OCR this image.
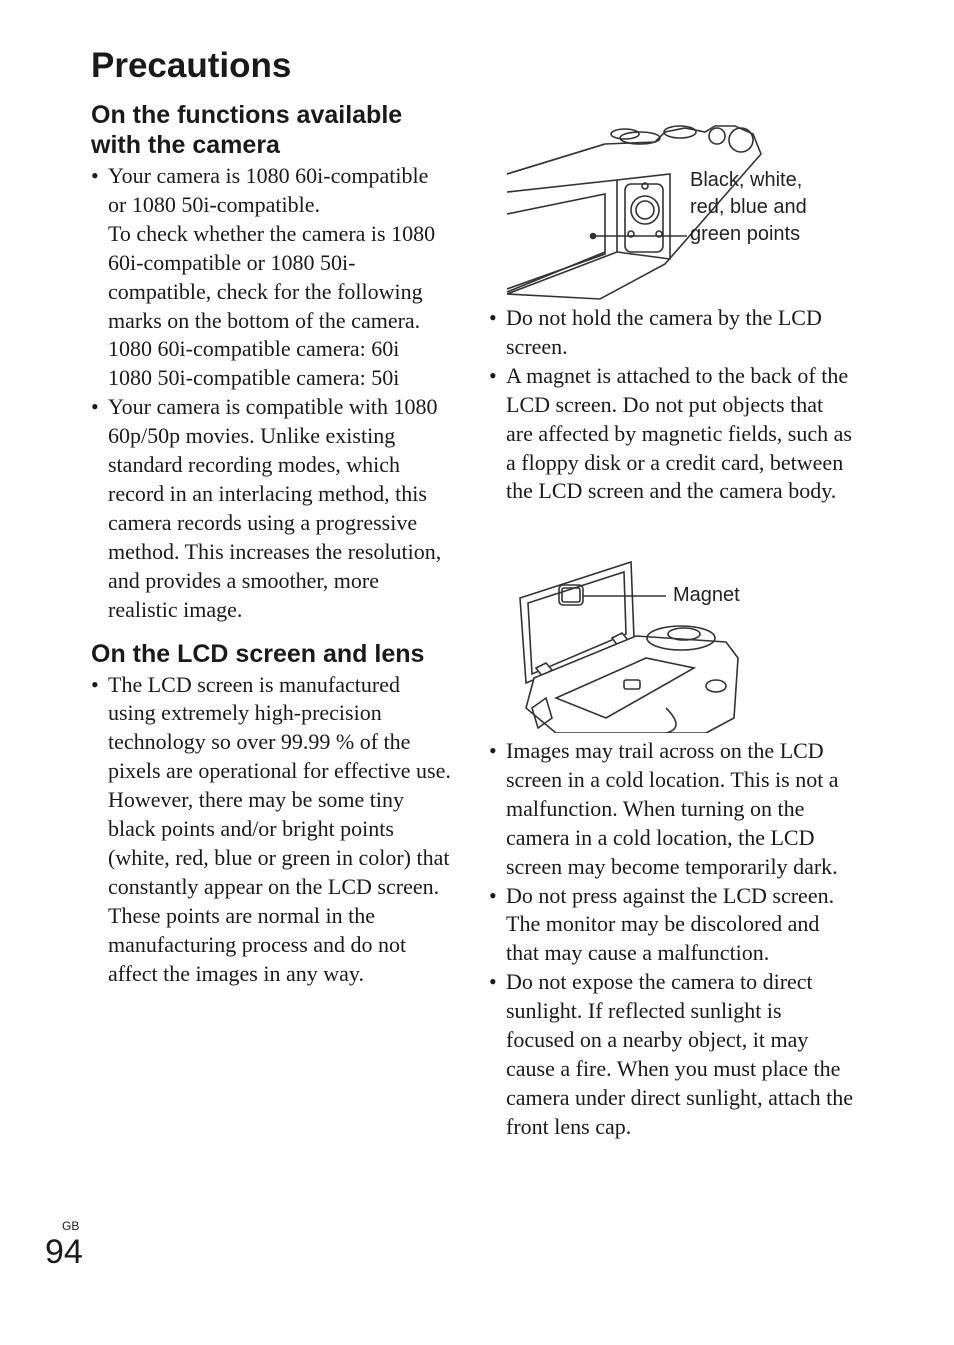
Precautions
On the functions available with the camera

• Your camera is 1080 60i-compatible or 1080 50i-compatible.

To check whether the camera is 1080 60i-compatible or 1080 50i-compatible, check for the following marks on the bottom of the camera.

1080 60i-compatible camera: 60i

1080 50i-compatible camera: 50i

• Your camera is compatible with 1080 60p/50p movies. Unlike existing standard recording modes, which record in an interlacing method, this camera records using a progressive method. This increases the resolution, and provides a smoother, more realistic image.

On the LCD screen and lens

• The LCD screen is manufactured using extremely high-precision technology so over 99.99 % of the pixels are operational for effective use. However, there may be some tiny black points and/or bright points (white, red, blue or green in color) that constantly appear on the LCD screen. These points are normal in the manufacturing process and do not affect the images in any way.

Black, white, red, blue and green points
• Do not hold the camera by the LCD screen.
• A magnet is attached to the back of the LCD screen. Do not put objects that are affected by magnetic fields, such as a floppy disk or a credit card, between the LCD screen and the camera body.
Magnet
• Images may trail across on the LCD screen in a cold location. This is not a malfunction. When turning on the camera in a cold location, the LCD screen may become temporarily dark.
• Do not press against the LCD screen. The monitor may be discolored and that may cause a malfunction.
• Do not expose the camera to direct sunlight. If reflected sunlight is focused on a nearby object, it may cause a fire. When you must place the camera under direct sunlight, attach the front lens cap.
GB
94
